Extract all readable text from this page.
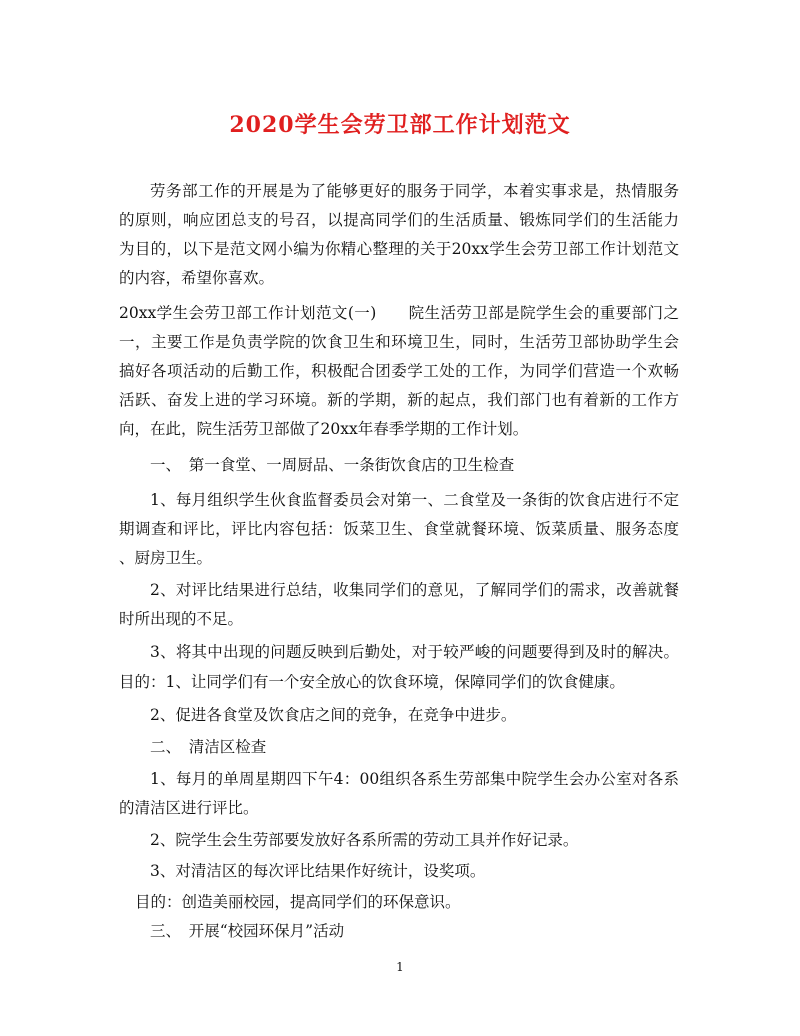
2020学生会劳卫部工作计划范文
劳务部工作的开展是为了能够更好的服务于同学，本着实事求是，热情服务
的原则，响应团总支的号召，以提高同学们的生活质量、锻炼同学们的生活能力
为目的，以下是范文网小编为你精心整理的关于20xx学生会劳卫部工作计划范文
的内容，希望你喜欢。
20xx学生会劳卫部工作计划范文(一)　　院生活劳卫部是院学生会的重要部门之
一，主要工作是负责学院的饮食卫生和环境卫生，同时，生活劳卫部协助学生会
搞好各项活动的后勤工作，积极配合团委学工处的工作，为同学们营造一个欢畅
活跃、奋发上进的学习环境。新的学期，新的起点，我们部门也有着新的工作方
向，在此，院生活劳卫部做了20xx年春季学期的工作计划。
一、　第一食堂、一周厨品、一条街饮食店的卫生检查
1、每月组织学生伙食监督委员会对第一、二食堂及一条街的饮食店进行不定
期调查和评比，评比内容包括：饭菜卫生、食堂就餐环境、饭菜质量、服务态度
、厨房卫生。
2、对评比结果进行总结，收集同学们的意见，了解同学们的需求，改善就餐
时所出现的不足。
3、将其中出现的问题反映到后勤处，对于较严峻的问题要得到及时的解决。
目的：1、让同学们有一个安全放心的饮食环境，保障同学们的饮食健康。
2、促进各食堂及饮食店之间的竞争，在竞争中进步。
二、　清洁区检查
1、每月的单周星期四下午4：00组织各系生劳部集中院学生会办公室对各系
的清洁区进行评比。
2、院学生会生劳部要发放好各系所需的劳动工具并作好记录。
3、对清洁区的每次评比结果作好统计，设奖项。
目的：创造美丽校园，提高同学们的环保意识。
三、　开展“校园环保月”活动
1
